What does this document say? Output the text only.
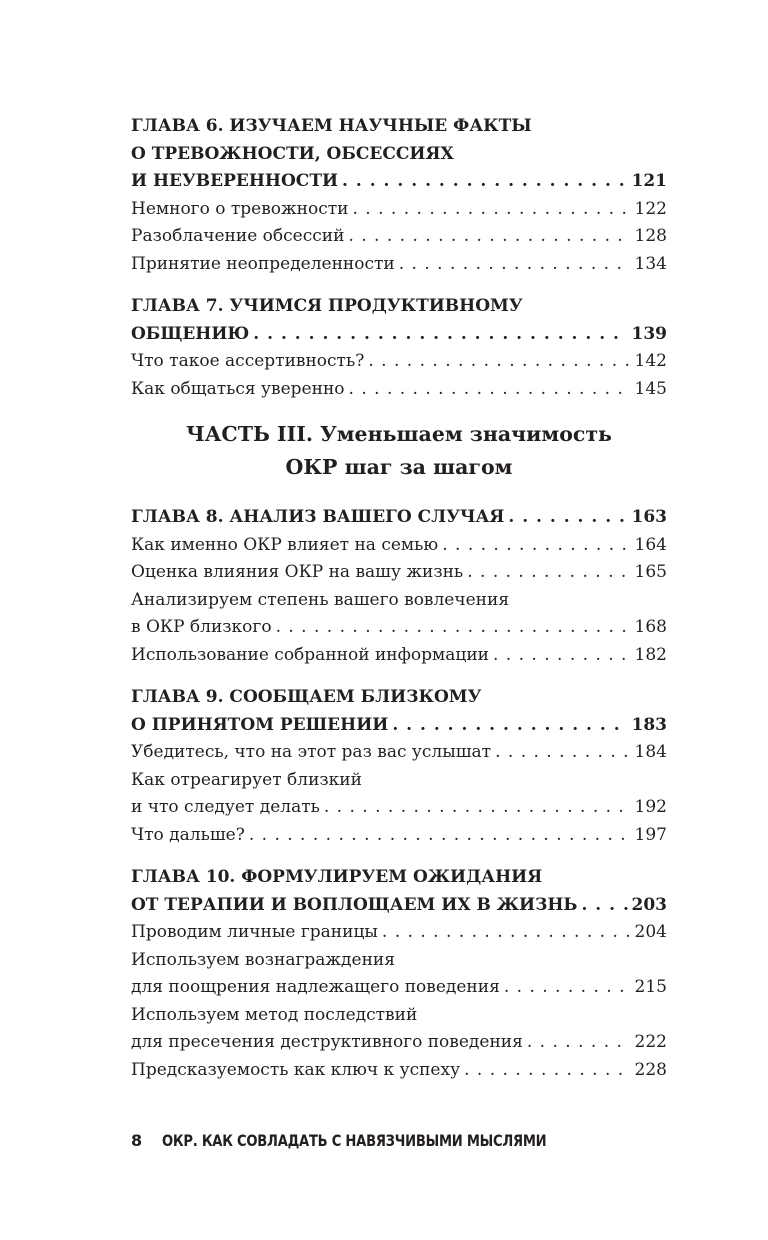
ГЛАВА 6. ИЗУЧАЕМ НАУЧНЫЕ ФАКТЫ
О ТРЕВОЖНОСТИ, ОБСЕССИЯХ
И НЕУВЕРЕННОСТИ . . .	121
Немного о тревожности . . .	122
Разоблачение обсессий . . .	128
Принятие неопределенности . . .	134
ГЛАВА 7. УЧИМСЯ ПРОДУКТИВНОМУ
ОБЩЕНИЮ . . .	139
Что такое ассертивность? . . .	142
Как общаться уверенно . . .	145
ЧАСТЬ III. Уменьшаем значимость
ОКР шаг за шагом
ГЛАВА 8. АНАЛИЗ ВАШЕГО СЛУЧАЯ . . .	163
Как именно ОКР влияет на семью . . .	164
Оценка влияния ОКР на вашу жизнь . . .	165
Анализируем степень вашего вовлечения
в ОКР близкого . . .	168
Использование собранной информации . . .	182
ГЛАВА 9. СООБЩАЕМ БЛИЗКОМУ
О ПРИНЯТОМ РЕШЕНИИ . . .	183
Убедитесь, что на этот раз вас услышат . . .	184
Как отреагирует близкий
и что следует делать . . .	192
Что дальше? . . .	197
ГЛАВА 10. ФОРМУЛИРУЕМ ОЖИДАНИЯ
ОТ ТЕРАПИИ И ВОПЛОЩАЕМ ИХ В ЖИЗНЬ . . .	203
Проводим личные границы . . .	204
Используем вознаграждения
для поощрения надлежащего поведения . . .	215
Используем метод последствий
для пресечения деструктивного поведения . . .	222
Предсказуемость как ключ к успеху . . .	228
8	ОКР. КАК СОВЛАДАТЬ С НАВЯЗЧИВЫМИ МЫСЛЯМИ
